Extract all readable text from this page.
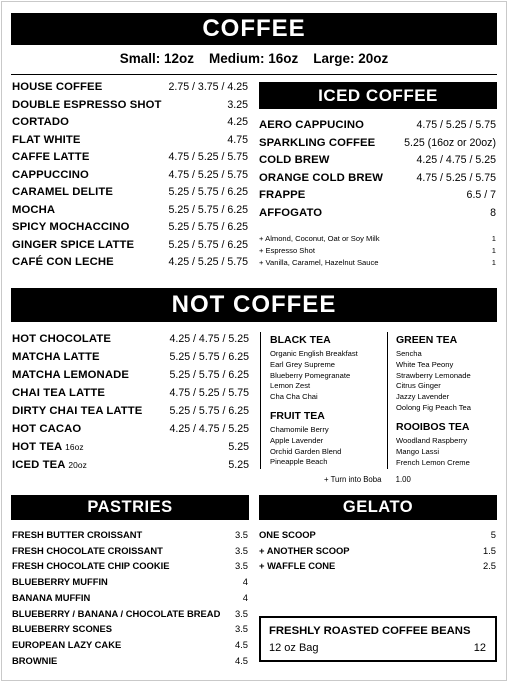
COFFEE
Small: 12oz    Medium: 16oz    Large: 20oz
HOUSE COFFEE	2.75 / 3.75 / 4.25
DOUBLE ESPRESSO SHOT	3.25
CORTADO	4.25
FLAT WHITE	4.75
CAFFE LATTE	4.75 / 5.25 / 5.75
CAPPUCCINO	4.75 / 5.25 / 5.75
CARAMEL DELITE	5.25 / 5.75 / 6.25
MOCHA	5.25 / 5.75 / 6.25
SPICY MOCHACCINO	5.25 / 5.75 / 6.25
GINGER SPICE LATTE	5.25 / 5.75 / 6.25
CAFÉ CON LECHE	4.25 / 5.25 / 5.75
ICED COFFEE
AERO CAPPUCINO	4.75 / 5.25 / 5.75
SPARKLING COFFEE	5.25 (16oz or 20oz)
COLD BREW	4.25 / 4.75 / 5.25
ORANGE COLD BREW	4.75 / 5.25 / 5.75
FRAPPE	6.5 / 7
AFFOGATO	8
+ Almond, Coconut, Oat or Soy Milk	1
+ Espresso Shot	1
+ Vanilla, Caramel, Hazelnut Sauce	1
NOT COFFEE
HOT CHOCOLATE	4.25 / 4.75 / 5.25
MATCHA LATTE	5.25 / 5.75 / 6.25
MATCHA LEMONADE	5.25 / 5.75 / 6.25
CHAI TEA LATTE	4.75 / 5.25 / 5.75
DIRTY CHAI TEA LATTE	5.25 / 5.75 / 6.25
HOT CACAO	4.25 / 4.75 / 5.25
HOT TEA 16oz	5.25
ICED TEA 20oz	5.25
BLACK TEA
Organic English Breakfast
Earl Grey Supreme
Blueberry Pomegranate
Lemon Zest
Cha Cha Chai
FRUIT TEA
Chamomile Berry
Apple Lavender
Orchid Garden Blend
Pineapple Beach
GREEN TEA
Sencha
White Tea Peony
Strawberry Lemonade
Citrus Ginger
Jazzy Lavender
Oolong Fig Peach Tea
ROOIBOS TEA
Woodland Raspberry
Mango Lassi
French Lemon Creme
+ Turn into Boba 1.00
PASTRIES
FRESH BUTTER CROISSANT	3.5
FRESH CHOCOLATE CROISSANT	3.5
FRESH CHOCOLATE CHIP COOKIE	3.5
BLUEBERRY MUFFIN	4
BANANA MUFFIN	4
BLUEBERRY / BANANA / CHOCOLATE BREAD 3.5
BLUEBERRY SCONES	3.5
EUROPEAN LAZY CAKE	4.5
BROWNIE	4.5
GELATO
ONE SCOOP	5
+ ANOTHER SCOOP	1.5
+ WAFFLE CONE	2.5
FRESHLY ROASTED COFFEE BEANS
12 oz Bag	12
